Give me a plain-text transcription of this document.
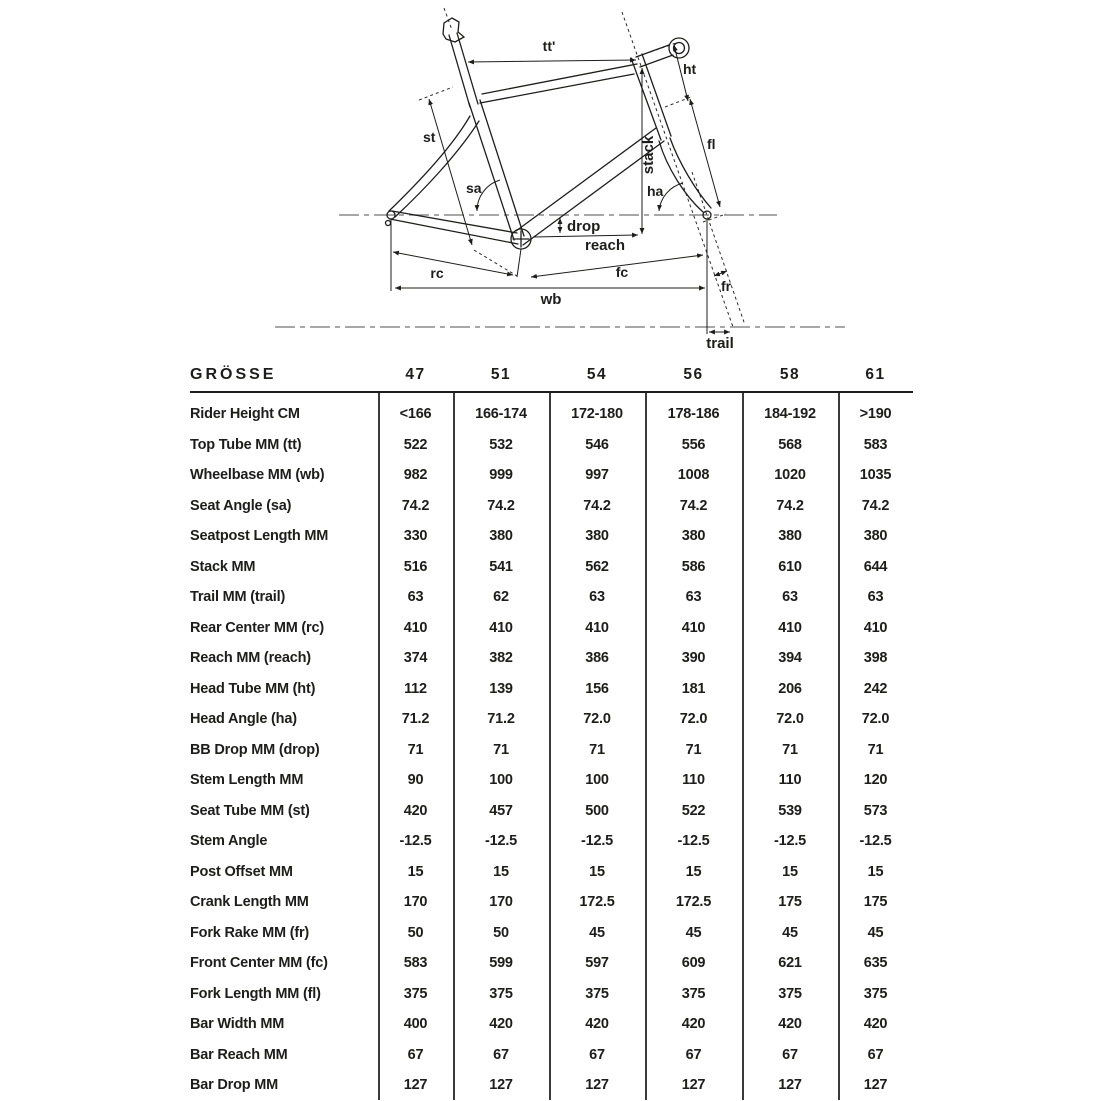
tt'
ht
st
sa
stack
ha
fl
drop
reach
rc	fc
fr
wb
trail
GRÖSSE	47	51	54	56	58	61
Rider Height CM	<166	166-174	172-180	178-186	184-192	>190
Top Tube MM (tt)	522	532	546	556	568	583
Wheelbase MM (wb)	982	999	997	1008	1020	1035
Seat Angle (sa)	74.2	74.2	74.2	74.2	74.2	74.2
Seatpost Length MM	330	380	380	380	380	380
Stack MM	516	541	562	586	610	644
Trail MM (trail)	63	62	63	63	63	63
Rear Center MM (rc)	410	410	410	410	410	410
Reach MM (reach)	374	382	386	390	394	398
Head Tube MM (ht)	112	139	156	181	206	242
Head Angle (ha)	71.2	71.2	72.0	72.0	72.0	72.0
BB Drop MM (drop)	71	71	71	71	71	71
Stem Length MM	90	100	100	110	110	120
Seat Tube MM (st)	420	457	500	522	539	573
Stem Angle	-12.5	-12.5	-12.5	-12.5	-12.5	-12.5
Post Offset MM	15	15	15	15	15	15
Crank Length MM	170	170	172.5	172.5	175	175
Fork Rake MM (fr)	50	50	45	45	45	45
Front Center MM (fc)	583	599	597	609	621	635
Fork Length MM (fl)	375	375	375	375	375	375
Bar Width MM	400	420	420	420	420	420
Bar Reach MM	67	67	67	67	67	67
Bar Drop MM	127	127	127	127	127	127
